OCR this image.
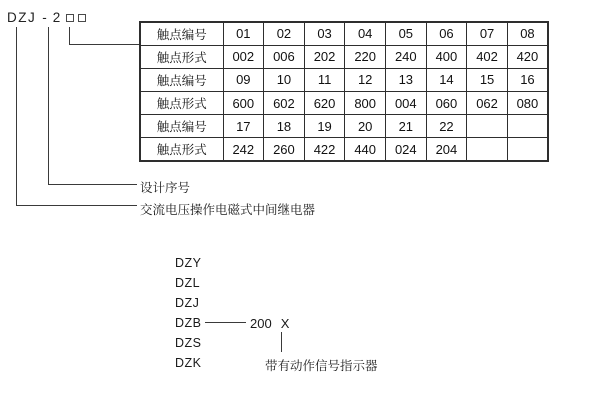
DZJ - 2
触点编号	01	02	03	04	05	06	07	08
触点形式	002	006	202	220	240	400	402	420
触点编号	09	10	11	12	13	14	15	16
触点形式	600	602	620	800	004	060	062	080
触点编号	17	18	19	20	21	22		
触点形式	242	260	422	440	024	204		
设计序号
交流电压操作电磁式中间继电器
DZY
DZL
DZJ
DZB
DZS
DZK
200 X
带有动作信号指示器
